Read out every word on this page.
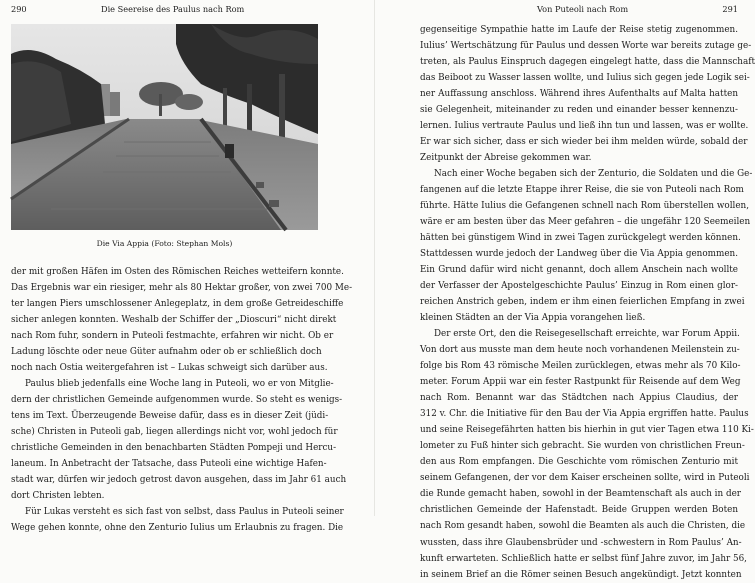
290	Die Seereise des Paulus nach Rom
Die Via Appia (Foto: Stephan Mols)
der mit großen Häfen im Osten des Römischen Reiches wetteifern konnte.
Das Ergebnis war ein riesiger, mehr als 80 Hektar großer, von zwei 700 Me-
ter langen Piers umschlossener Anlegeplatz, in dem große Getreideschiffe
sicher anlegen konnten. Weshalb der Schiffer der „Dioscuri“ nicht direkt
nach Rom fuhr, sondern in Puteoli festmachte, erfahren wir nicht. Ob er
Ladung löschte oder neue Güter aufnahm oder ob er schließlich doch
noch nach Ostia weitergefahren ist – Lukas schweigt sich darüber aus.
Paulus blieb jedenfalls eine Woche lang in Puteoli, wo er von Mitglie-
dern der christlichen Gemeinde aufgenommen wurde. So steht es wenigs-
tens im Text. Überzeugende Beweise dafür, dass es in dieser Zeit (jüdi-
sche) Christen in Puteoli gab, liegen allerdings nicht vor, wohl jedoch für
christliche Gemeinden in den benachbarten Städten Pompeji und Hercu-
laneum. In Anbetracht der Tatsache, dass Puteoli eine wichtige Hafen-
stadt war, dürfen wir jedoch getrost davon ausgehen, dass im Jahr 61 auch
dort Christen lebten.
Für Lukas versteht es sich fast von selbst, dass Paulus in Puteoli seiner
Wege gehen konnte, ohne den Zenturio Iulius um Erlaubnis zu fragen. Die
Von Puteoli nach Rom	291
gegenseitige Sympathie hatte im Laufe der Reise stetig zugenommen.
Iulius’ Wertschätzung für Paulus und dessen Worte war bereits zutage ge-
treten, als Paulus Einspruch dagegen eingelegt hatte, dass die Mannschaft
das Beiboot zu Wasser lassen wollte, und Iulius sich gegen jede Logik sei-
ner Auffassung anschloss. Während ihres Aufenthalts auf Malta hatten
sie Gelegenheit, miteinander zu reden und einander besser kennenzu-
lernen. Iulius vertraute Paulus und ließ ihn tun und lassen, was er wollte.
Er war sich sicher, dass er sich wieder bei ihm melden würde, sobald der
Zeitpunkt der Abreise gekommen war.
Nach einer Woche begaben sich der Zenturio, die Soldaten und die Ge-
fangenen auf die letzte Etappe ihrer Reise, die sie von Puteoli nach Rom
führte. Hätte Iulius die Gefangenen schnell nach Rom überstellen wollen,
wäre er am besten über das Meer gefahren – die ungefähr 120 Seemeilen
hätten bei günstigem Wind in zwei Tagen zurückgelegt werden können.
Stattdessen wurde jedoch der Landweg über die Via Appia genommen.
Ein Grund dafür wird nicht genannt, doch allem Anschein nach wollte
der Verfasser der Apostelgeschichte Paulus’ Einzug in Rom einen glor-
reichen Anstrich geben, indem er ihm einen feierlichen Empfang in zwei
kleinen Städten an der Via Appia vorangehen ließ.
Der erste Ort, den die Reisegesellschaft erreichte, war Forum Appii.
Von dort aus musste man dem heute noch vorhandenen Meilenstein zu-
folge bis Rom 43 römische Meilen zurücklegen, etwas mehr als 70 Kilo-
meter. Forum Appii war ein fester Rastpunkt für Reisende auf dem Weg
nach Rom. Benannt war das Städtchen nach Appius Claudius, der
312 v. Chr. die Initiative für den Bau der Via Appia ergriffen hatte. Paulus
und seine Reisegefährten hatten bis hierhin in gut vier Tagen etwa 110 Ki-
lometer zu Fuß hinter sich gebracht. Sie wurden von christlichen Freun-
den aus Rom empfangen. Die Geschichte vom römischen Zenturio mit
seinem Gefangenen, der vor dem Kaiser erscheinen sollte, wird in Puteoli
die Runde gemacht haben, sowohl in der Beamtenschaft als auch in der
christlichen Gemeinde der Hafenstadt. Beide Gruppen werden Boten
nach Rom gesandt haben, sowohl die Beamten als auch die Christen, die
wussten, dass ihre Glaubensbrüder und -schwestern in Rom Paulus’ An-
kunft erwarteten. Schließlich hatte er selbst fünf Jahre zuvor, im Jahr 56,
in seinem Brief an die Römer seinen Besuch angekündigt. Jetzt konnten
